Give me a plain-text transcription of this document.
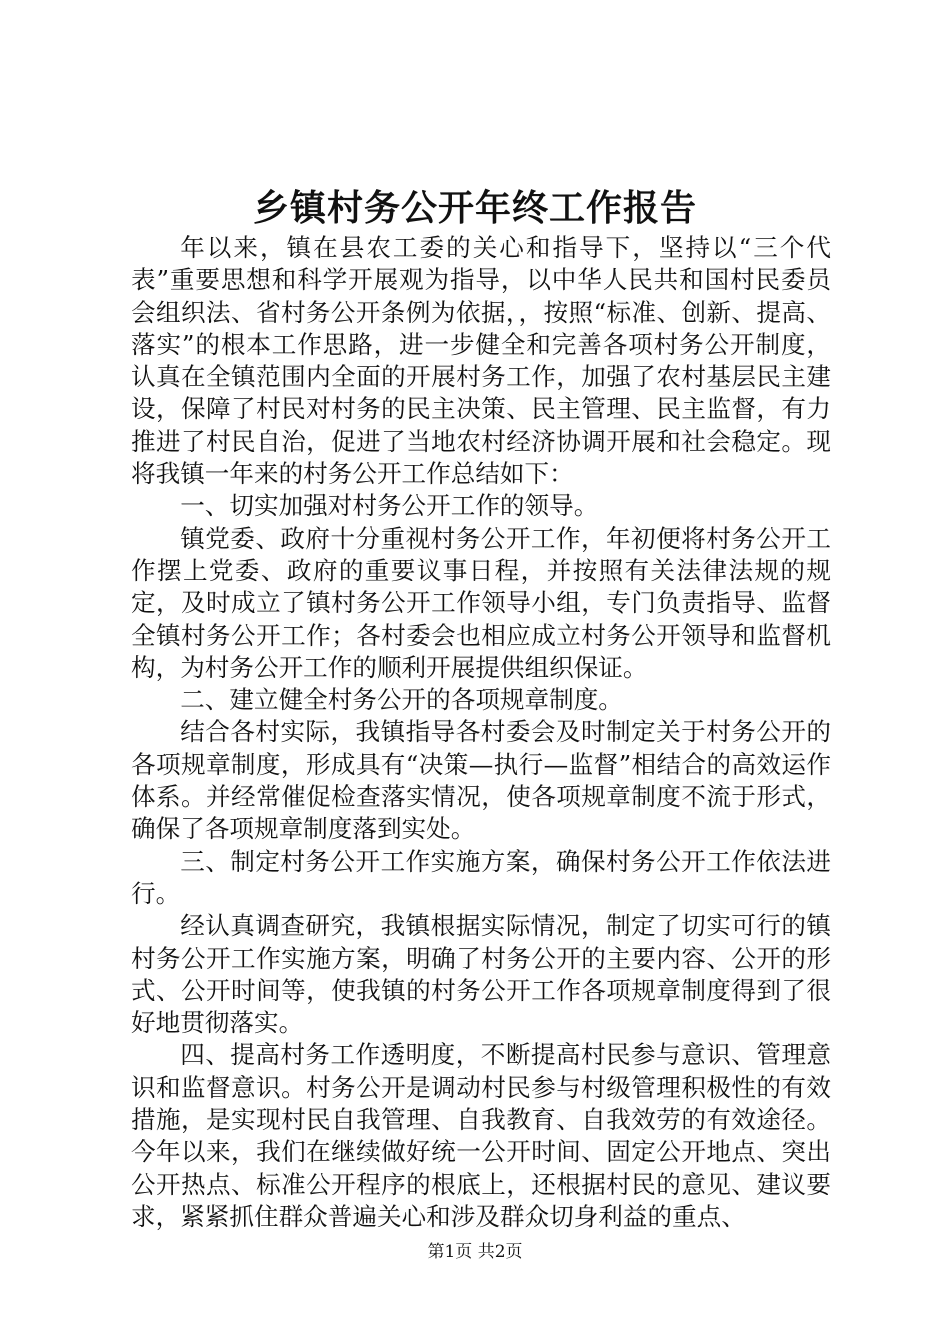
乡镇村务公开年终工作报告

年以来，镇在县农工委的关心和指导下，坚持以“三个代表”重要思想和科学开展观为指导，以中华人民共和国村民委员会组织法、省村务公开条例为依据，，按照“标准、创新、提高、落实”的根本工作思路，进一步健全和完善各项村务公开制度，认真在全镇范围内全面的开展村务工作，加强了农村基层民主建设，保障了村民对村务的民主决策、民主管理、民主监督，有力推进了村民自治，促进了当地农村经济协调开展和社会稳定。现将我镇一年来的村务公开工作总结如下：

一、切实加强对村务公开工作的领导。

镇党委、政府十分重视村务公开工作，年初便将村务公开工作摆上党委、政府的重要议事日程，并按照有关法律法规的规定，及时成立了镇村务公开工作领导小组，专门负责指导、监督全镇村务公开工作；各村委会也相应成立村务公开领导和监督机构，为村务公开工作的顺利开展提供组织保证。

二、建立健全村务公开的各项规章制度。

结合各村实际，我镇指导各村委会及时制定关于村务公开的各项规章制度，形成具有“决策—执行—监督”相结合的高效运作体系。并经常催促检查落实情况，使各项规章制度不流于形式，确保了各项规章制度落到实处。

三、制定村务公开工作实施方案，确保村务公开工作依法进行。

经认真调查研究，我镇根据实际情况，制定了切实可行的镇村务公开工作实施方案，明确了村务公开的主要内容、公开的形式、公开时间等，使我镇的村务公开工作各项规章制度得到了很好地贯彻落实。

四、提高村务工作透明度，不断提高村民参与意识、管理意识和监督意识。村务公开是调动村民参与村级管理积极性的有效措施，是实现村民自我管理、自我教育、自我效劳的有效途径。今年以来，我们在继续做好统一公开时间、固定公开地点、突出公开热点、标准公开程序的根底上，还根据村民的意见、建议要求，紧紧抓住群众普遍关心和涉及群众切身利益的重点、

第1页 共2页
